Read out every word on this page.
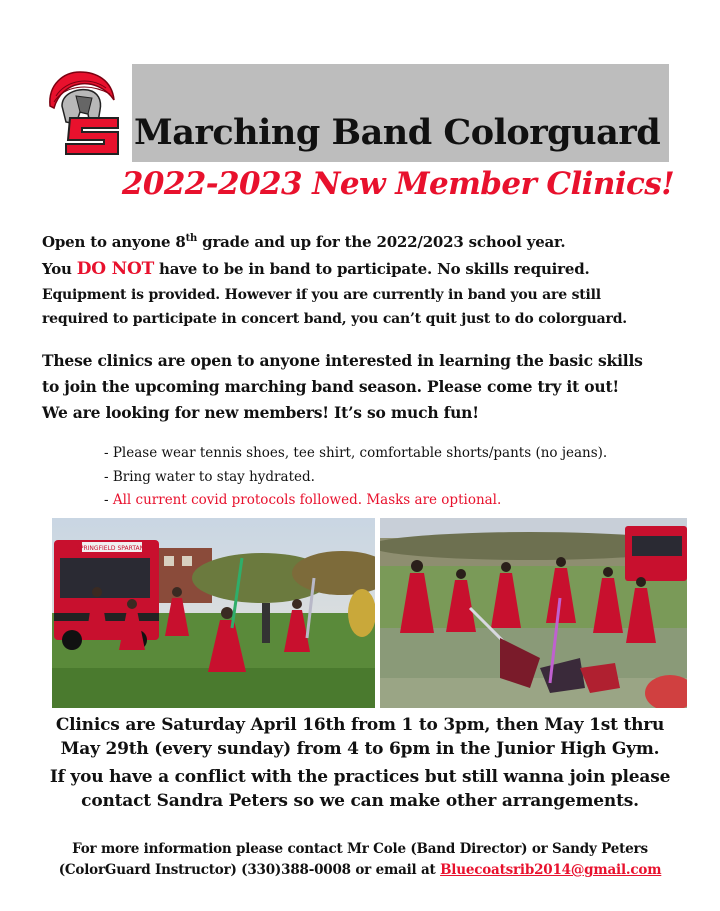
S
Marching Band Colorguard
2022-2023 New Member Clinics!
Open to anyone 8th grade and up for the 2022/2023 school year.
You DO NOT have to be in band to participate. No skills required.
Equipment is provided. However if you are currently in band you are still
required to participate in concert band, you can’t quit just to do colorguard.
These clinics are open to anyone interested in learning the basic skills
to join the upcoming marching band season. Please come try it out!
We are looking for new members! It’s so much fun!
- Please wear tennis shoes, tee shirt, comfortable shorts/pants (no jeans).
- Bring water to stay hydrated.
- All current covid protocols followed. Masks are optional.
SPRINGFIELD SPARTANS
Clinics are Saturday April 16th from 1 to 3pm, then May 1st thru
May 29th (every sunday) from 4 to 6pm in the Junior High Gym.
If you have a conflict with the practices but still wanna join please
contact Sandra Peters so we can make other arrangements.
For more information please contact Mr Cole (Band Director) or Sandy Peters
(ColorGuard Instructor) (330)388-0008 or email at Bluecoatsrib2014@gmail.com
